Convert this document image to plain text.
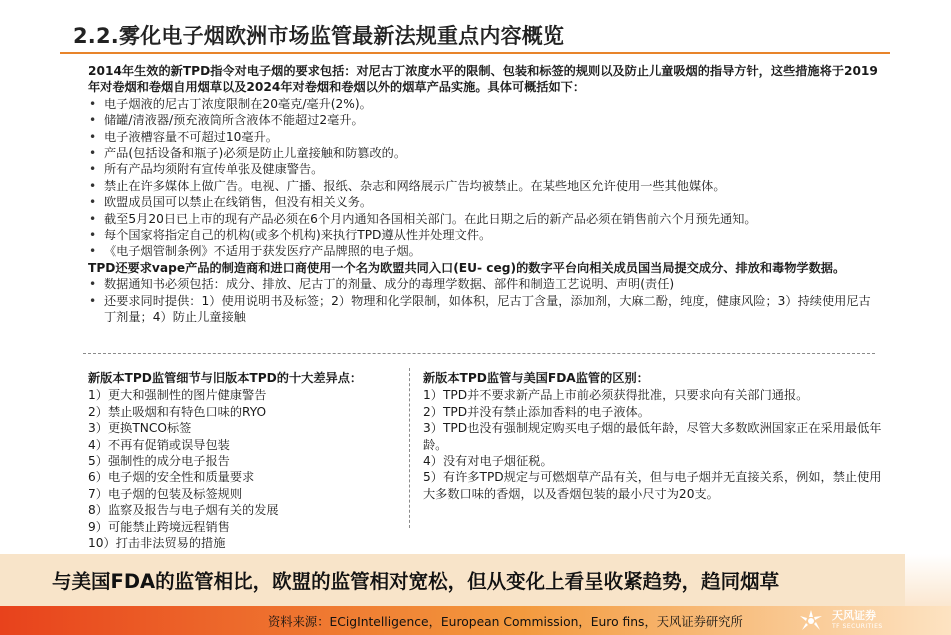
2.2.雾化电子烟欧洲市场监管最新法规重点内容概览

2014年生效的新TPD指令对电子烟的要求包括：对尼古丁浓度水平的限制、包装和标签的规则以及防止儿童吸烟的指导方针，这些措施将于2019年对卷烟和卷烟自用烟草以及2024年对卷烟和卷烟以外的烟草产品实施。具体可概括如下：

• 电子烟液的尼古丁浓度限制在20毫克/毫升(2%)。
• 储罐/清液器/预充液筒所含液体不能超过2毫升。
• 电子液槽容量不可超过10毫升。
• 产品(包括设备和瓶子)必须是防止儿童接触和防篡改的。
• 所有产品均须附有宣传单张及健康警告。
• 禁止在许多媒体上做广告。电视、广播、报纸、杂志和网络展示广告均被禁止。在某些地区允许使用一些其他媒体。
• 欧盟成员国可以禁止在线销售，但没有相关义务。
• 截至5月20日已上市的现有产品必须在6个月内通知各国相关部门。在此日期之后的新产品必须在销售前六个月预先通知。
• 每个国家将指定自己的机构(或多个机构)来执行TPD遵从性并处理文件。
• 《电子烟管制条例》不适用于获发医疗产品牌照的电子烟。

TPD还要求vape产品的制造商和进口商使用一个名为欧盟共同入口(EU- ceg)的数字平台向相关成员国当局提交成分、排放和毒物学数据。

• 数据通知书必须包括：成分、排放、尼古丁的剂量、成分的毒理学数据、部件和制造工艺说明、声明(责任)
• 还要求同时提供：1）使用说明书及标签；2）物理和化学限制，如体积，尼古丁含量，添加剂，大麻二酚，纯度，健康风险；3）持续使用尼古丁剂量；4）防止儿童接触
新版本TPD监管细节与旧版本TPD的十大差异点：
1）更大和强制性的图片健康警告
2）禁止吸烟和有特色口味的RYO
3）更换TNCO标签
4）不再有促销或误导包装
5）强制性的成分电子报告
6）电子烟的安全性和质量要求
7）电子烟的包装及标签规则
8）监察及报告与电子烟有关的发展
9）可能禁止跨境远程销售
10）打击非法贸易的措施
新版本TPD监管与美国FDA监管的区别：
1）TPD并不要求新产品上市前必须获得批准，只要求向有关部门通报。
2）TPD并没有禁止添加香料的电子液体。
3）TPD也没有强制规定购买电子烟的最低年龄，尽管大多数欧洲国家正在采用最低年龄。
4）没有对电子烟征税。
5）有许多TPD规定与可燃烟草产品有关，但与电子烟并无直接关系，例如，禁止使用大多数口味的香烟，以及香烟包装的最小尺寸为20支。
与美国FDA的监管相比，欧盟的监管相对宽松，但从变化上看呈收紧趋势，趋同烟草
资料来源：ECigIntelligence，European Commission，Euro fins，天风证券研究所	天风证券
TF SECURITIES
